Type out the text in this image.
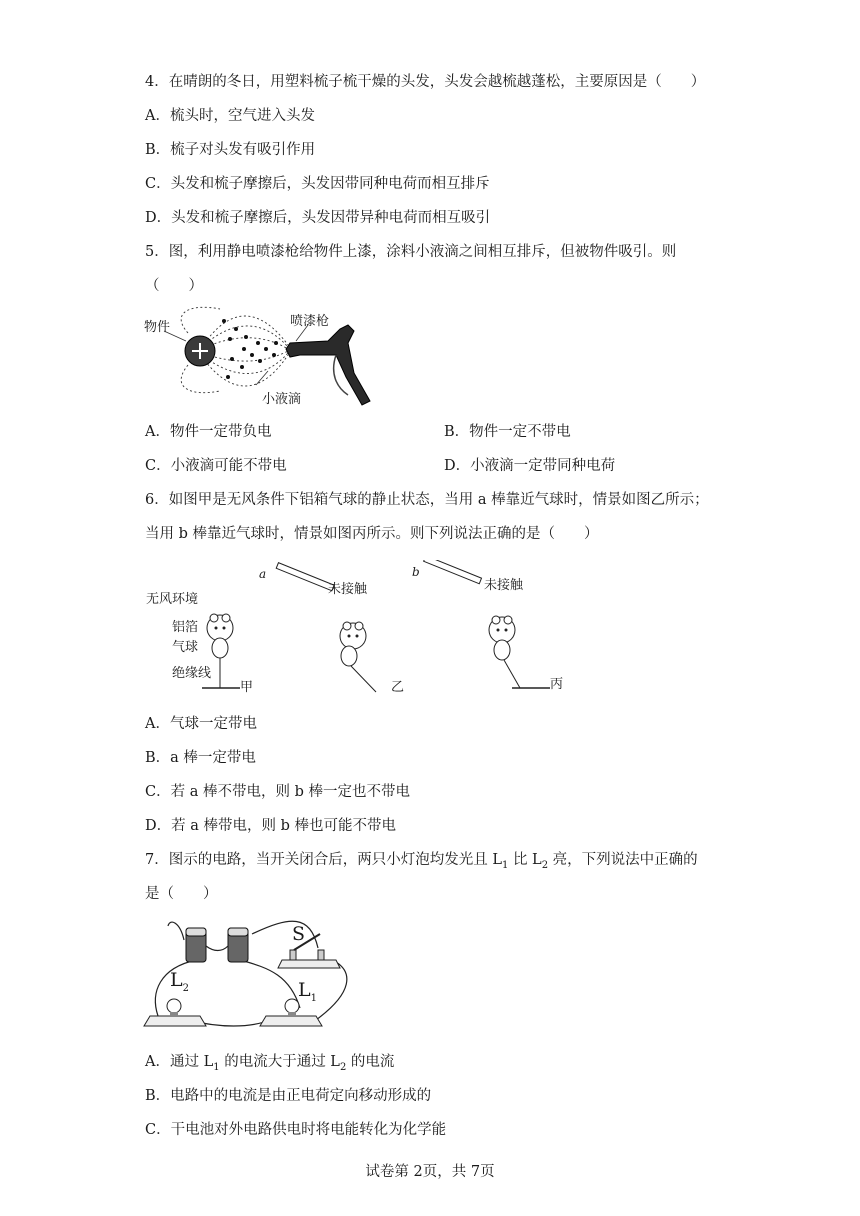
4．在晴朗的冬日，用塑料梳子梳干燥的头发，头发会越梳越蓬松，主要原因是（　　）
A．梳头时，空气进入头发
B．梳子对头发有吸引作用
C．头发和梳子摩擦后，头发因带同种电荷而相互排斥
D．头发和梳子摩擦后，头发因带异种电荷而相互吸引
5．图，利用静电喷漆枪给物件上漆，涂料小液滴之间相互排斥，但被物件吸引。则
（　　）
物件	喷漆枪
小液滴
A．物件一定带负电	B．物件一定不带电
C．小液滴可能不带电	D．小液滴一定带同种电荷
6．如图甲是无风条件下铝箱气球的静止状态，当用 a 棒靠近气球时，情景如图乙所示；
当用 b 棒靠近气球时，情景如图丙所示。则下列说法正确的是（　　）
无风环境
铝箔
气球
绝缘线
甲	乙	丙
a	b
未接触	未接触
A．气球一定带电
B．a 棒一定带电
C．若 a 棒不带电，则 b 棒一定也不带电
D．若 a 棒带电，则 b 棒也可能不带电
7．图示的电路，当开关闭合后，两只小灯泡均发光且 $L_1$ 比 $L_2$ 亮，下列说法中正确的
是（　　）
S
$L_2$	$L_1$
A．通过 $L_1$ 的电流大于通过 $L_2$ 的电流
B．电路中的电流是由正电荷定向移动形成的
C．干电池对外电路供电时将电能转化为化学能
试卷第 2页，共 7页
